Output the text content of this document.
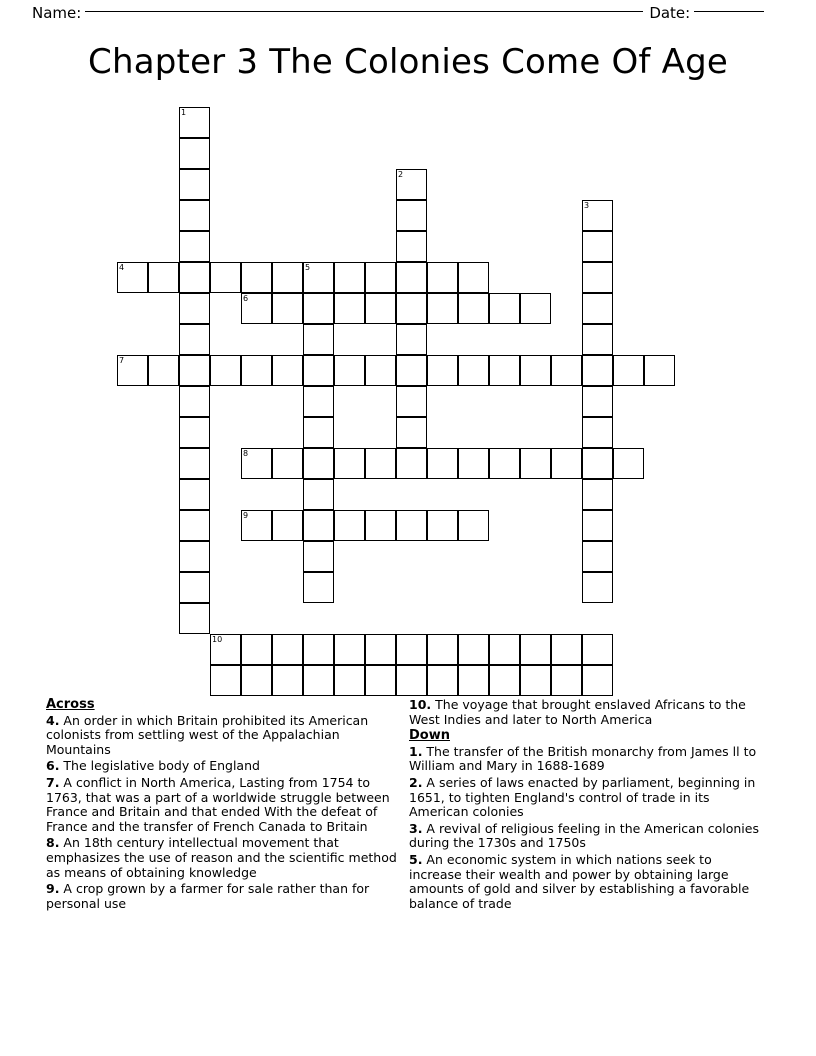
Name:	Date:
Chapter 3 The Colonies Come Of Age
1
2
3
4	5
6
7
8
9
10
Across
4. An order in which Britain prohibited its American colonists from settling west of the Appalachian Mountains
6. The legislative body of England
7. A conflict in North America, Lasting from 1754 to 1763, that was a part of a worldwide struggle between France and Britain and that ended With the defeat of France and the transfer of French Canada to Britain
8. An 18th century intellectual movement that emphasizes the use of reason and the scientific method as means of obtaining knowledge
9. A crop grown by a farmer for sale rather than for personal use
10. The voyage that brought enslaved Africans to the West Indies and later to North America
Down
1. The transfer of the British monarchy from James ll to William and Mary in 1688-1689
2. A series of laws enacted by parliament, beginning in 1651, to tighten England's control of trade in its American colonies
3. A revival of religious feeling in the American colonies during the 1730s and 1750s
5. An economic system in which nations seek to increase their wealth and power by obtaining large amounts of gold and silver by establishing a favorable balance of trade
